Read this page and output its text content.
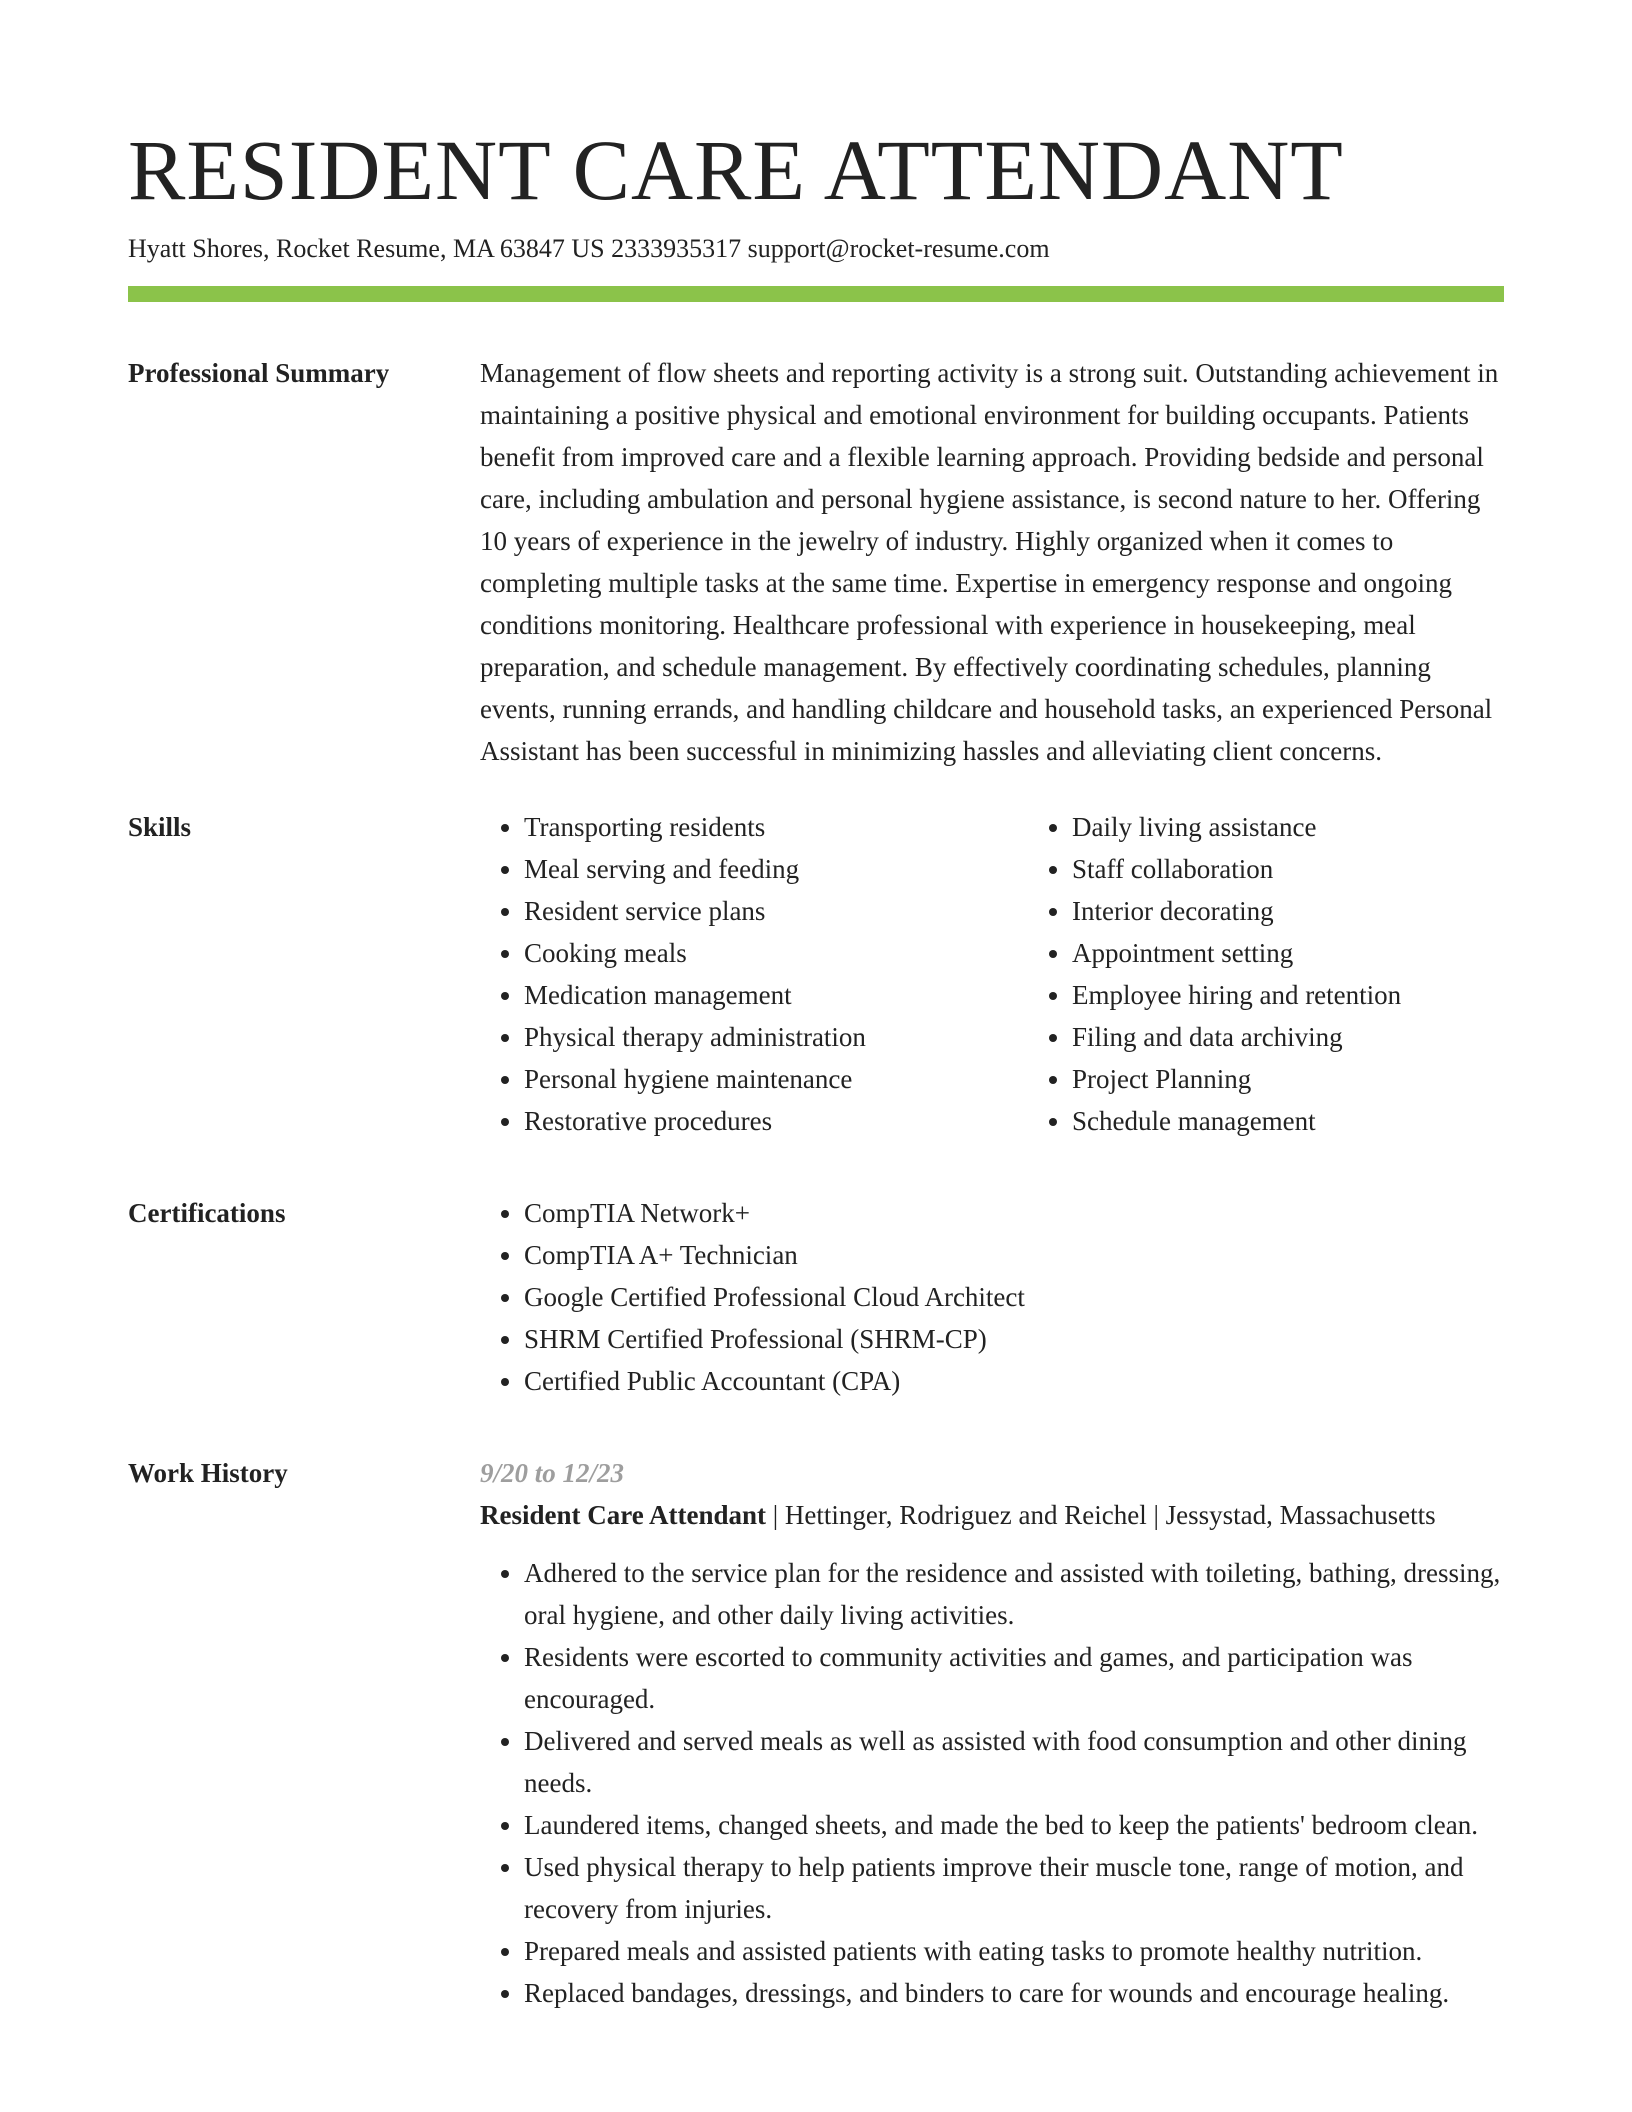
RESIDENT CARE ATTENDANT
Hyatt Shores, Rocket Resume, MA 63847 US 2333935317 support@rocket-resume.com
Professional Summary	Management of flow sheets and reporting activity is a strong suit. Outstanding achievement in maintaining a positive physical and emotional environment for building occupants. Patients benefit from improved care and a flexible learning approach. Providing bedside and personal care, including ambulation and personal hygiene assistance, is second nature to her. Offering 10 years of experience in the jewelry of industry. Highly organized when it comes to completing multiple tasks at the same time. Expertise in emergency response and ongoing conditions monitoring. Healthcare professional with experience in housekeeping, meal preparation, and schedule management. By effectively coordinating schedules, planning events, running errands, and handling childcare and household tasks, an experienced Personal Assistant has been successful in minimizing hassles and alleviating client concerns.

Skills	• Transporting residents
• Meal serving and feeding
• Resident service plans
• Cooking meals
• Medication management
• Physical therapy administration
• Personal hygiene maintenance
• Restorative procedures
• Daily living assistance
• Staff collaboration
• Interior decorating
• Appointment setting
• Employee hiring and retention
• Filing and data archiving
• Project Planning
• Schedule management
Certifications	• CompTIA Network+
• CompTIA A+ Technician
• Google Certified Professional Cloud Architect
• SHRM Certified Professional (SHRM-CP)
• Certified Public Accountant (CPA)
Work History	9/20 to 12/23
Resident Care Attendant | Hettinger, Rodriguez and Reichel | Jessystad, Massachusetts
• Adhered to the service plan for the residence and assisted with toileting, bathing, dressing, oral hygiene, and other daily living activities.
• Residents were escorted to community activities and games, and participation was encouraged.
• Delivered and served meals as well as assisted with food consumption and other dining needs.
• Laundered items, changed sheets, and made the bed to keep the patients' bedroom clean.
• Used physical therapy to help patients improve their muscle tone, range of motion, and recovery from injuries.
• Prepared meals and assisted patients with eating tasks to promote healthy nutrition.
• Replaced bandages, dressings, and binders to care for wounds and encourage healing.
